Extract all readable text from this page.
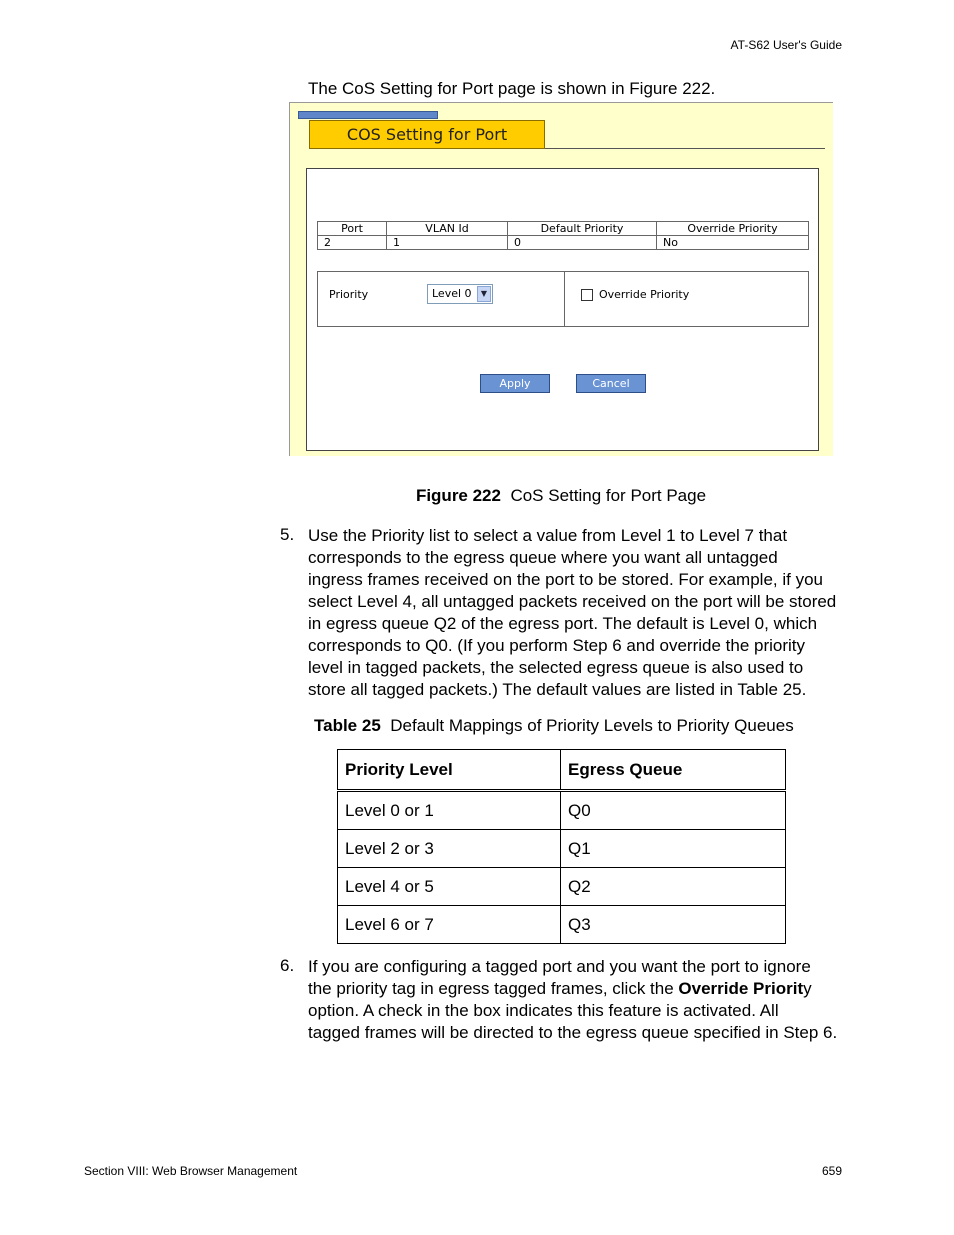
AT-S62 User's Guide
The CoS Setting for Port page is shown in Figure 222.
COS Setting for Port
Port	VLAN Id	Default Priority	Override Priority
2	1	0	No
Priority	Level 0	▼	Override Priority
Apply	Cancel
Figure 222 CoS Setting for Port Page
5. Use the Priority list to select a value from Level 1 to Level 7 that
corresponds to the egress queue where you want all untagged
ingress frames received on the port to be stored. For example, if you
select Level 4, all untagged packets received on the port will be stored
in egress queue Q2 of the egress port. The default is Level 0, which
corresponds to Q0. (If you perform Step 6 and override the priority
level in tagged packets, the selected egress queue is also used to
store all tagged packets.) The default values are listed in Table 25.
Table 25 Default Mappings of Priority Levels to Priority Queues
Priority Level	Egress Queue
Level 0 or 1	Q0
Level 2 or 3	Q1
Level 4 or 5	Q2
Level 6 or 7	Q3
6. If you are configuring a tagged port and you want the port to ignore
the priority tag in egress tagged frames, click the Override Priority
option. A check in the box indicates this feature is activated. All
tagged frames will be directed to the egress queue specified in Step 6.
Section VIII: Web Browser Management	659
